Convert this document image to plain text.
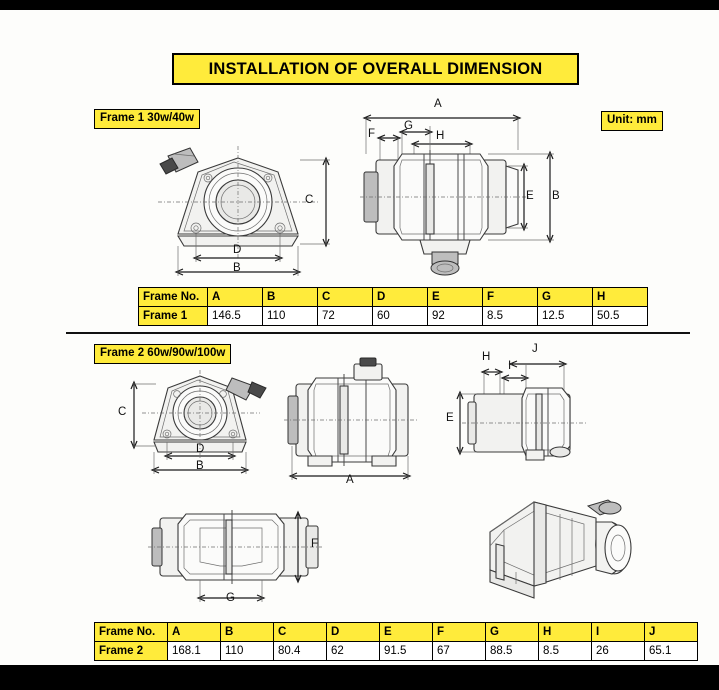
INSTALLATION OF OVERALL DIMENSION
Frame 1 30w/40w	Unit: mm
Frame 2 60w/90w/100w
C
D
B
A
F
G
H
E B
Frame No.	A	B	C	D	E	F	G	H
Frame 1	146.5	110	72	60	92	8.5	12.5	50.5
C
D
B
A
H
I
J
E
F
G
Frame No.	A	B	C	D	E	F	G	H	I	J
Frame 2	168.1	110	80.4	62	91.5	67	88.5	8.5	26	65.1
